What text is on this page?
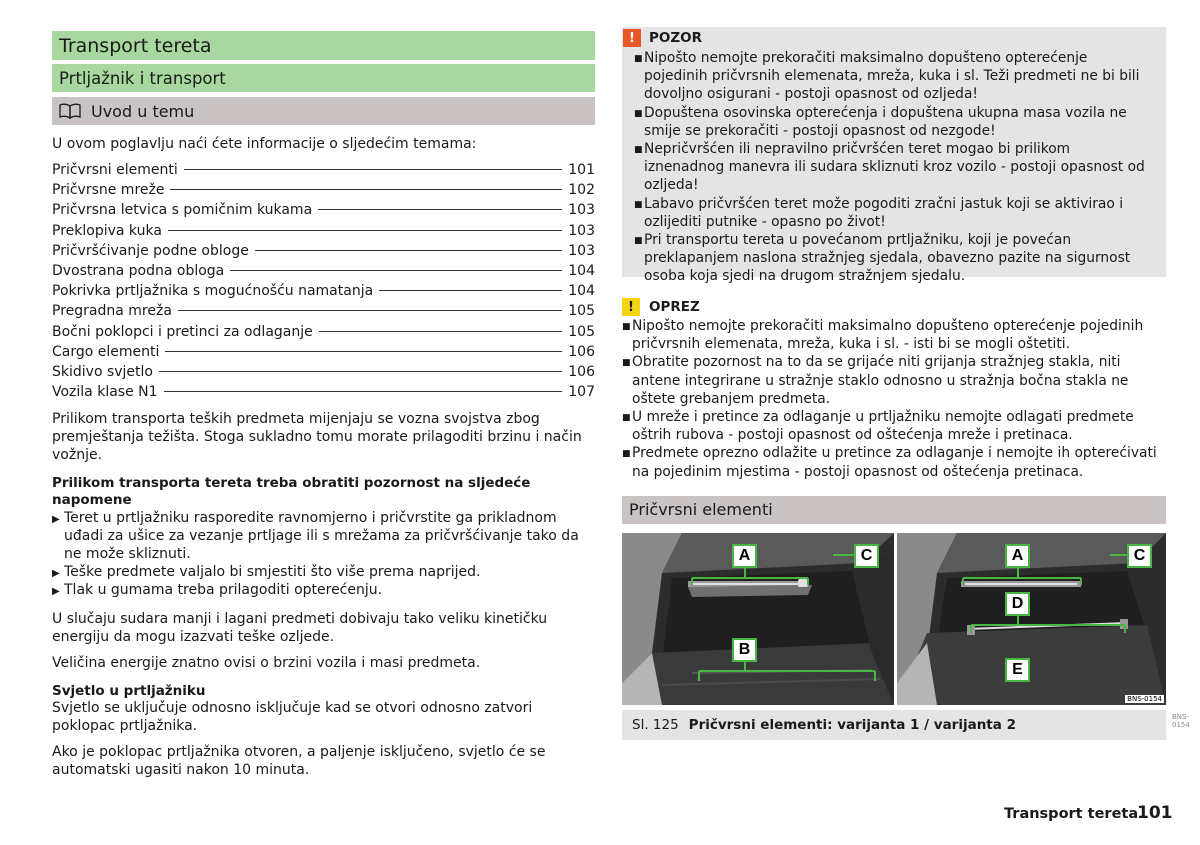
Transport tereta
Prtljažnik i transport
Uvod u temu
U ovom poglavlju naći ćete informacije o sljedećim temama:
Pričvrsni elementi	101
Pričvrsne mreže	102
Pričvrsna letvica s pomičnim kukama	103
Preklopiva kuka	103
Pričvršćivanje podne obloge	103
Dvostrana podna obloga	104
Pokrivka prtljažnika s mogućnošću namatanja	104
Pregradna mreža	105
Bočni poklopci i pretinci za odlaganje	105
Cargo elementi	106
Skidivo svjetlo	106
Vozila klase N1	107
Prilikom transporta teških predmeta mijenjaju se vozna svojstva zbog premještanja težišta. Stoga sukladno tomu morate prilagoditi brzinu i način vožnje.
Prilikom transporta tereta treba obratiti pozornost na sljedeće napomene
▶ Teret u prtljažniku rasporedite ravnomjerno i pričvrstite ga prikladnom uđadi za ušice za vezanje prtljage ili s mrežama za pričvršćivanje tako da ne može skliznuti.
▶ Teške predmete valjalo bi smjestiti što više prema naprijed.
▶ Tlak u gumama treba prilagoditi opterećenju.
U slučaju sudara manji i lagani predmeti dobivaju tako veliku kinetičku energiju da mogu izazvati teške ozljede.
Veličina energije znatno ovisi o brzini vozila i masi predmeta.
Svjetlo u prtljažniku
Svjetlo se uključuje odnosno isključuje kad se otvori odnosno zatvori poklopac prtljažnika.
Ako je poklopac prtljažnika otvoren, a paljenje isključeno, svjetlo će se automatski ugasiti nakon 10 minuta.
!	POZOR
■ Nipošto nemojte prekoračiti maksimalno dopušteno opterećenje pojedinih pričvrsnih elemenata, mreža, kuka i sl. Teži predmeti ne bi bili dovoljno osigurani - postoji opasnost od ozljeda!
■ Dopuštena osovinska opterećenja i dopuštena ukupna masa vozila ne smije se prekoračiti - postoji opasnost od nezgode!
■ Nepričvršćen ili nepravilno pričvršćen teret mogao bi prilikom iznenadnog manevra ili sudara skliznuti kroz vozilo - postoji opasnost od ozljeda!
■ Labavo pričvršćen teret može pogoditi zračni jastuk koji se aktivirao i ozlijediti putnike - opasno po život!
■ Pri transportu tereta u povećanom prtljažniku, koji je povećan preklapanjem naslona stražnjeg sjedala, obavezno pazite na sigurnost osoba koja sjedi na drugom stražnjem sjedalu.
!	OPREZ
■ Nipošto nemojte prekoračiti maksimalno dopušteno opterećenje pojedinih pričvrsnih elemenata, mreža, kuka i sl. - isti bi se mogli oštetiti.
■ Obratite pozornost na to da se grijaće niti grijanja stražnjeg stakla, niti antene integrirane u stražnje staklo odnosno u stražnja bočna stakla ne oštete grebanjem predmeta.
■ U mreže i pretince za odlaganje u prtljažniku nemojte odlagati predmete oštrih rubova - postoji opasnost od oštećenja mreže i pretinaca.
■ Predmete oprezno odlažite u pretince za odlaganje i nemojte ih opterećivati na pojedinim mjestima - postoji opasnost od oštećenja pretinaca.
Pričvrsni elementi
A
B
C	A	C
D
E
BNS-0154
Sl. 125 Pričvrsni elementi: varijanta 1 / varijanta 2	BNS-0154
Transport tereta
101
